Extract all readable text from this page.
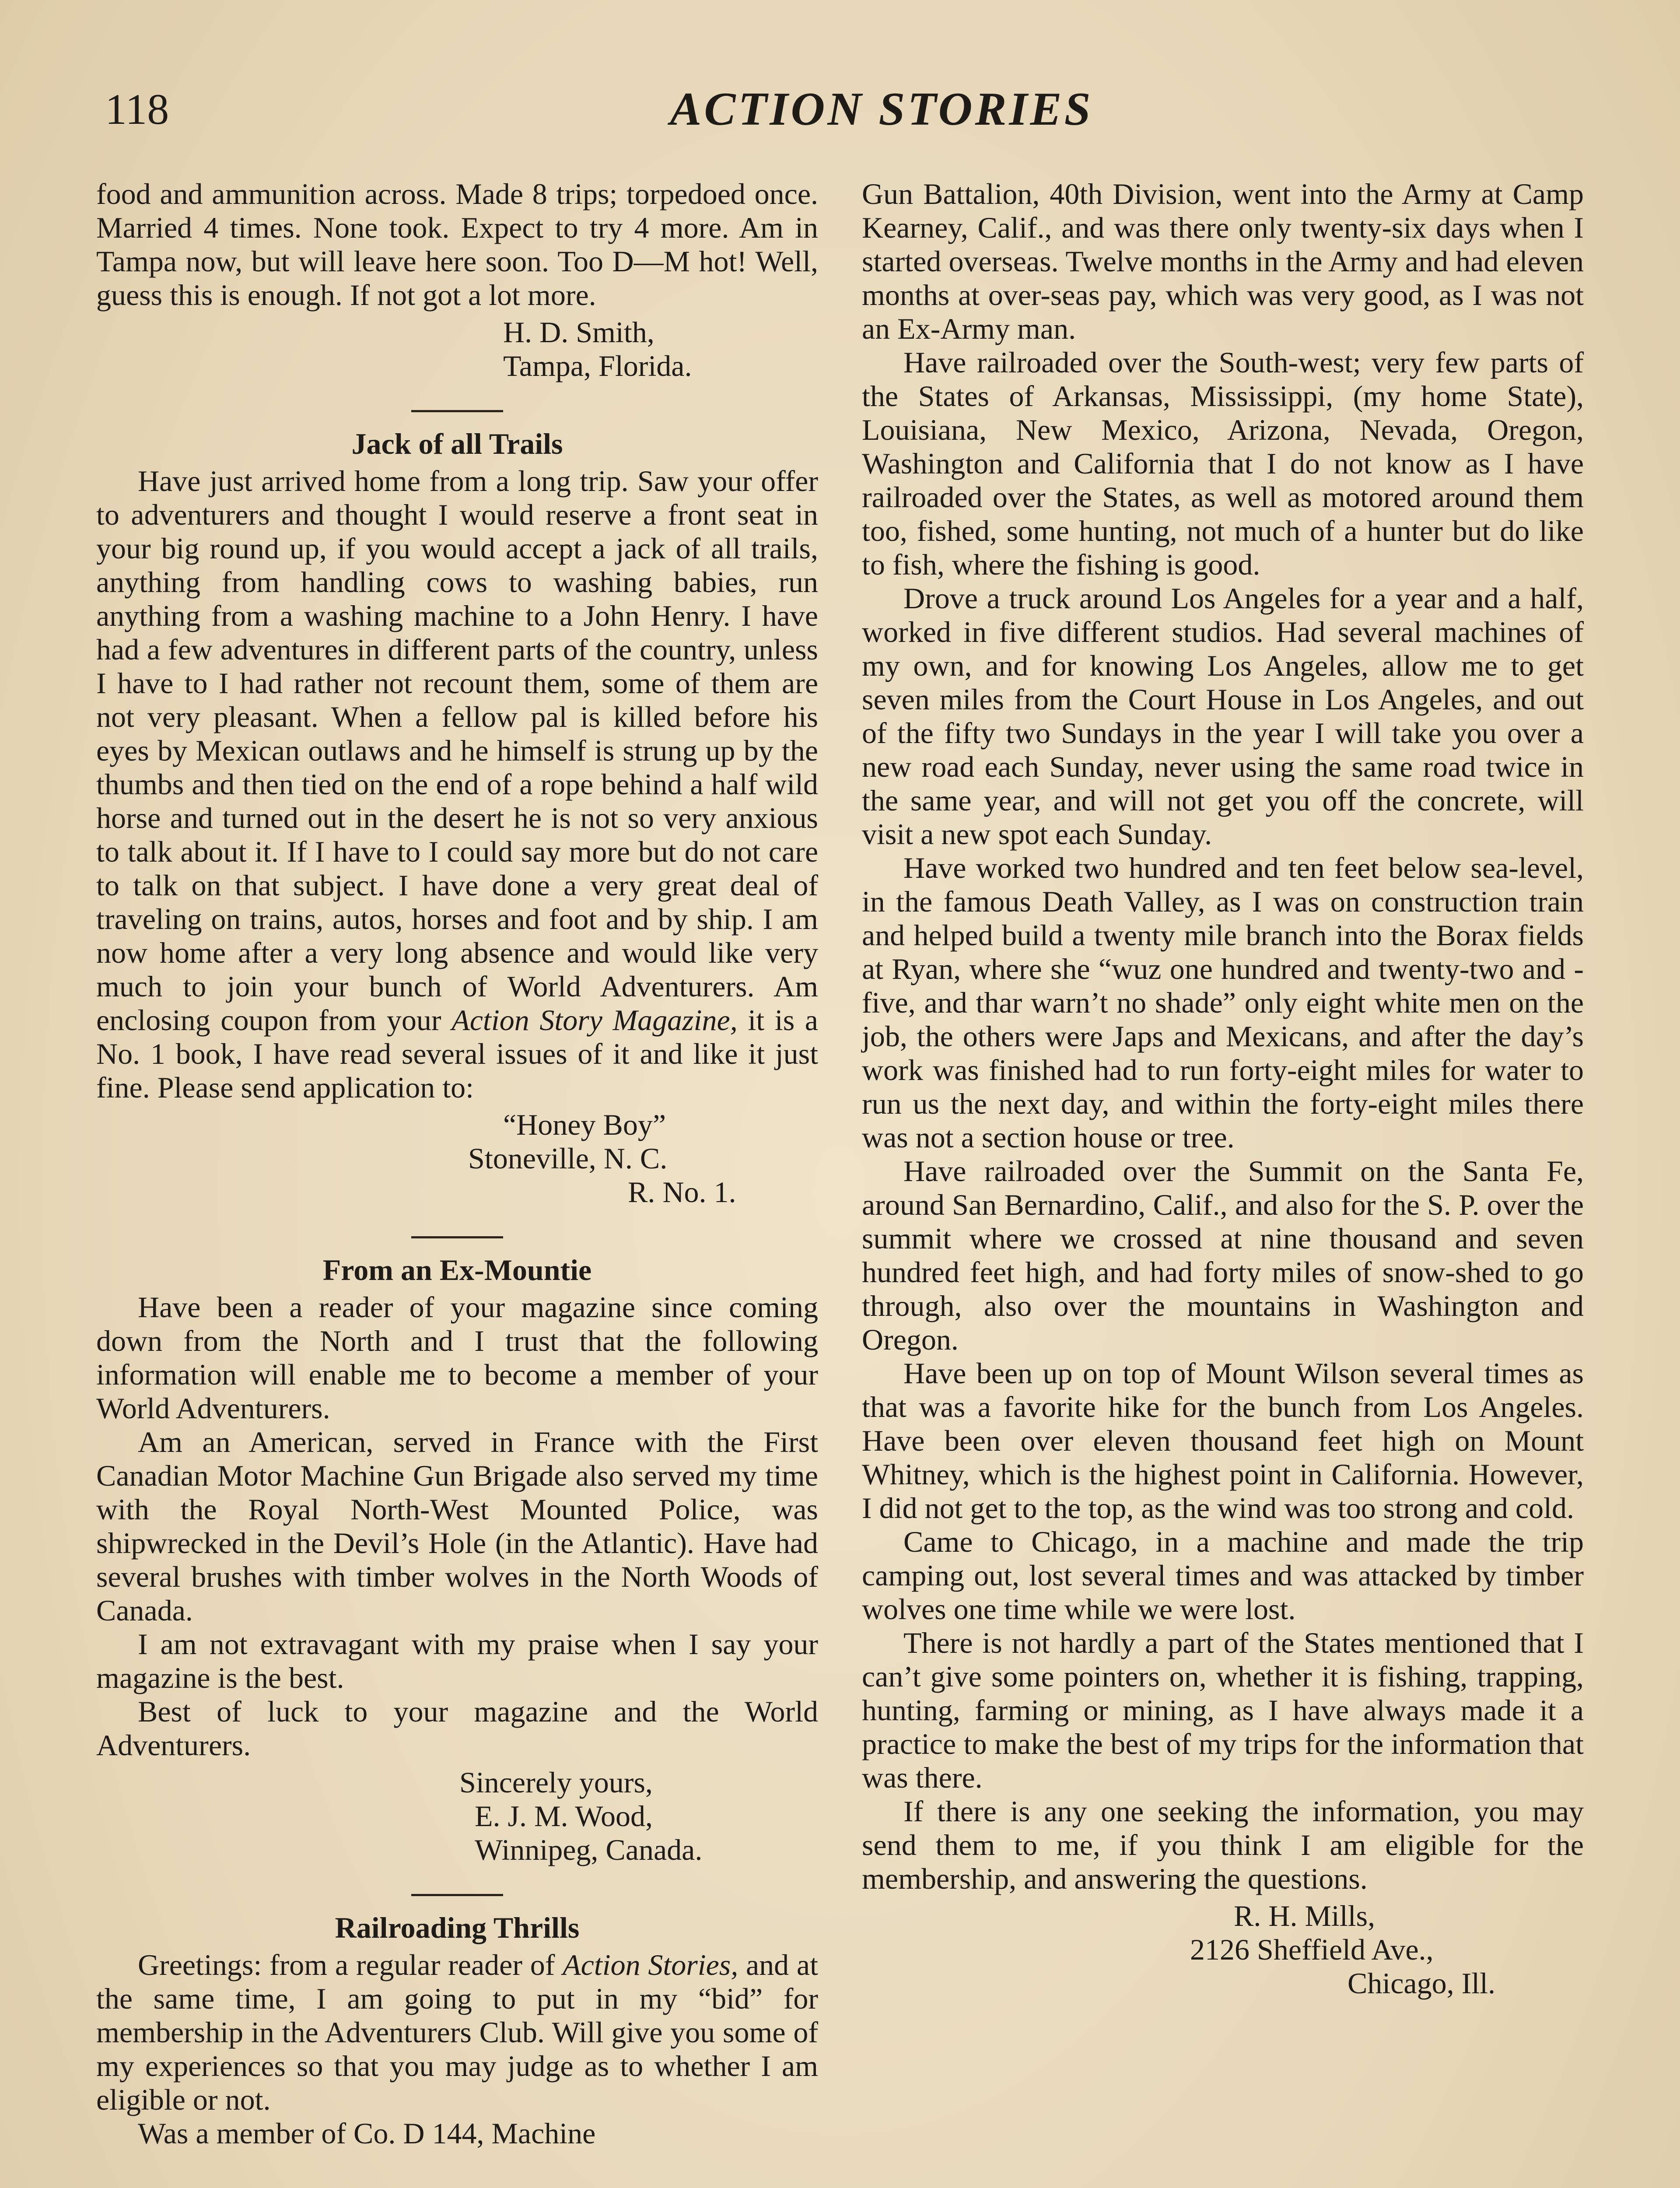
118	ACTION STORIES

food and ammunition across. Made 8 trips; torpedoed once. Married 4 times. None took. Expect to try 4 more. Am in Tampa now, but will leave here soon. Too D—M hot! Well, guess this is enough. If not got a lot more.

H. D. Smith,
Tampa, Florida.
Jack of all Trails

Have just arrived home from a long trip. Saw your offer to adventurers and thought I would reserve a front seat in your big round up, if you would accept a jack of all trails, anything from handling cows to washing babies, run anything from a washing machine to a John Henry. I have had a few adventures in different parts of the country, unless I have to I had rather not recount them, some of them are not very pleasant. When a fellow pal is killed before his eyes by Mexican outlaws and he himself is strung up by the thumbs and then tied on the end of a rope behind a half wild horse and turned out in the desert he is not so very anxious to talk about it. If I have to I could say more but do not care to talk on that subject. I have done a very great deal of traveling on trains, autos, horses and foot and by ship. I am now home after a very long absence and would like very much to join your bunch of World Adventurers. Am enclosing coupon from your Action Story Magazine, it is a No. 1 book, I have read several issues of it and like it just fine. Please send application to:

“Honey Boy”
Stoneville, N. C.
R. No. 1.
From an Ex-Mountie

Have been a reader of your magazine since coming down from the North and I trust that the following information will enable me to become a member of your World Adventurers.

Am an American, served in France with the First Canadian Motor Machine Gun Brigade also served my time with the Royal North-West Mounted Police, was shipwrecked in the Devil’s Hole (in the Atlantic). Have had several brushes with timber wolves in the North Woods of Canada.

I am not extravagant with my praise when I say your magazine is the best.

Best of luck to your magazine and the World Adventurers.

Sincerely yours,
E. J. M. Wood,
Winnipeg, Canada.
Railroading Thrills

Greetings: from a regular reader of Action Stories, and at the same time, I am going to put in my “bid” for membership in the Adventurers Club. Will give you some of my experiences so that you may judge as to whether I am eligible or not.

Was a member of Co. D 144, Machine

Gun Battalion, 40th Division, went into the Army at Camp Kearney, Calif., and was there only twenty-six days when I started overseas. Twelve months in the Army and had eleven months at over-seas pay, which was very good, as I was not an Ex-Army man.

Have railroaded over the South-west; very few parts of the States of Arkansas, Mississippi, (my home State), Louisiana, New Mexico, Arizona, Nevada, Oregon, Washington and California that I do not know as I have railroaded over the States, as well as motored around them too, fished, some hunting, not much of a hunter but do like to fish, where the fishing is good.

Drove a truck around Los Angeles for a year and a half, worked in five different studios. Had several machines of my own, and for knowing Los Angeles, allow me to get seven miles from the Court House in Los Angeles, and out of the fifty two Sundays in the year I will take you over a new road each Sunday, never using the same road twice in the same year, and will not get you off the concrete, will visit a new spot each Sunday.

Have worked two hundred and ten feet below sea-level, in the famous Death Valley, as I was on construction train and helped build a twenty mile branch into the Borax fields at Ryan, where she “wuz one hundred and twenty-two and -five, and thar warn’t no shade” only eight white men on the job, the others were Japs and Mexicans, and after the day’s work was finished had to run forty-eight miles for water to run us the next day, and within the forty-eight miles there was not a section house or tree.

Have railroaded over the Summit on the Santa Fe, around San Bernardino, Calif., and also for the S. P. over the summit where we crossed at nine thousand and seven hundred feet high, and had forty miles of snow-shed to go through, also over the mountains in Washington and Oregon.

Have been up on top of Mount Wilson several times as that was a favorite hike for the bunch from Los Angeles. Have been over eleven thousand feet high on Mount Whitney, which is the highest point in California. However, I did not get to the top, as the wind was too strong and cold.

Came to Chicago, in a machine and made the trip camping out, lost several times and was attacked by timber wolves one time while we were lost.

There is not hardly a part of the States mentioned that I can’t give some pointers on, whether it is fishing, trapping, hunting, farming or mining, as I have always made it a practice to make the best of my trips for the information that was there.

If there is any one seeking the information, you may send them to me, if you think I am eligible for the membership, and answering the questions.

R. H. Mills,
2126 Sheffield Ave.,
Chicago, Ill.
